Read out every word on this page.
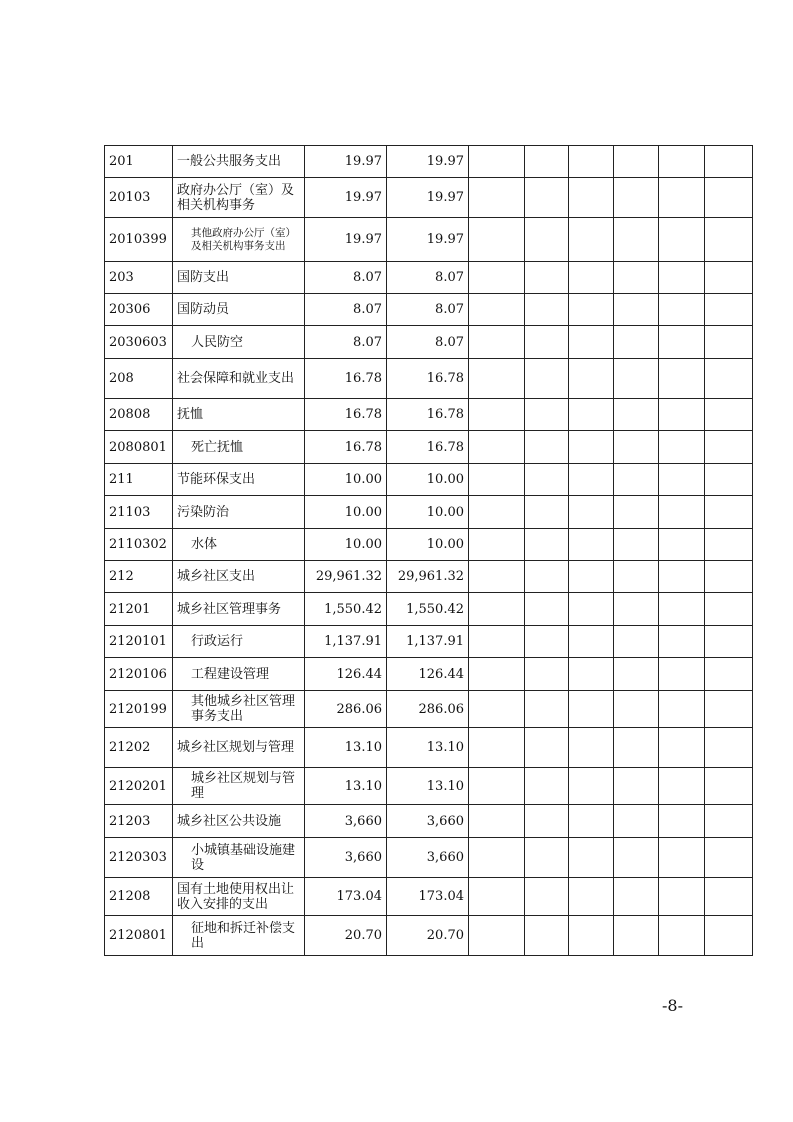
201	一般公共服务支出	19.97	19.97						
20103	政府办公厅（室）及相关机构事务	19.97	19.97						
2010399	其他政府办公厅（室）及相关机构事务支出	19.97	19.97						
203	国防支出	8.07	8.07						
20306	国防动员	8.07	8.07						
2030603	人民防空	8.07	8.07						
208	社会保障和就业支出	16.78	16.78						
20808	抚恤	16.78	16.78						
2080801	死亡抚恤	16.78	16.78						
211	节能环保支出	10.00	10.00						
21103	污染防治	10.00	10.00						
2110302	水体	10.00	10.00						
212	城乡社区支出	29,961.32	29,961.32						
21201	城乡社区管理事务	1,550.42	1,550.42						
2120101	行政运行	1,137.91	1,137.91						
2120106	工程建设管理	126.44	126.44						
2120199	其他城乡社区管理事务支出	286.06	286.06						
21202	城乡社区规划与管理	13.10	13.10						
2120201	城乡社区规划与管理	13.10	13.10						
21203	城乡社区公共设施	3,660	3,660						
2120303	小城镇基础设施建设	3,660	3,660						
21208	国有土地使用权出让收入安排的支出	173.04	173.04						
2120801	征地和拆迁补偿支出	20.70	20.70						
-8-
